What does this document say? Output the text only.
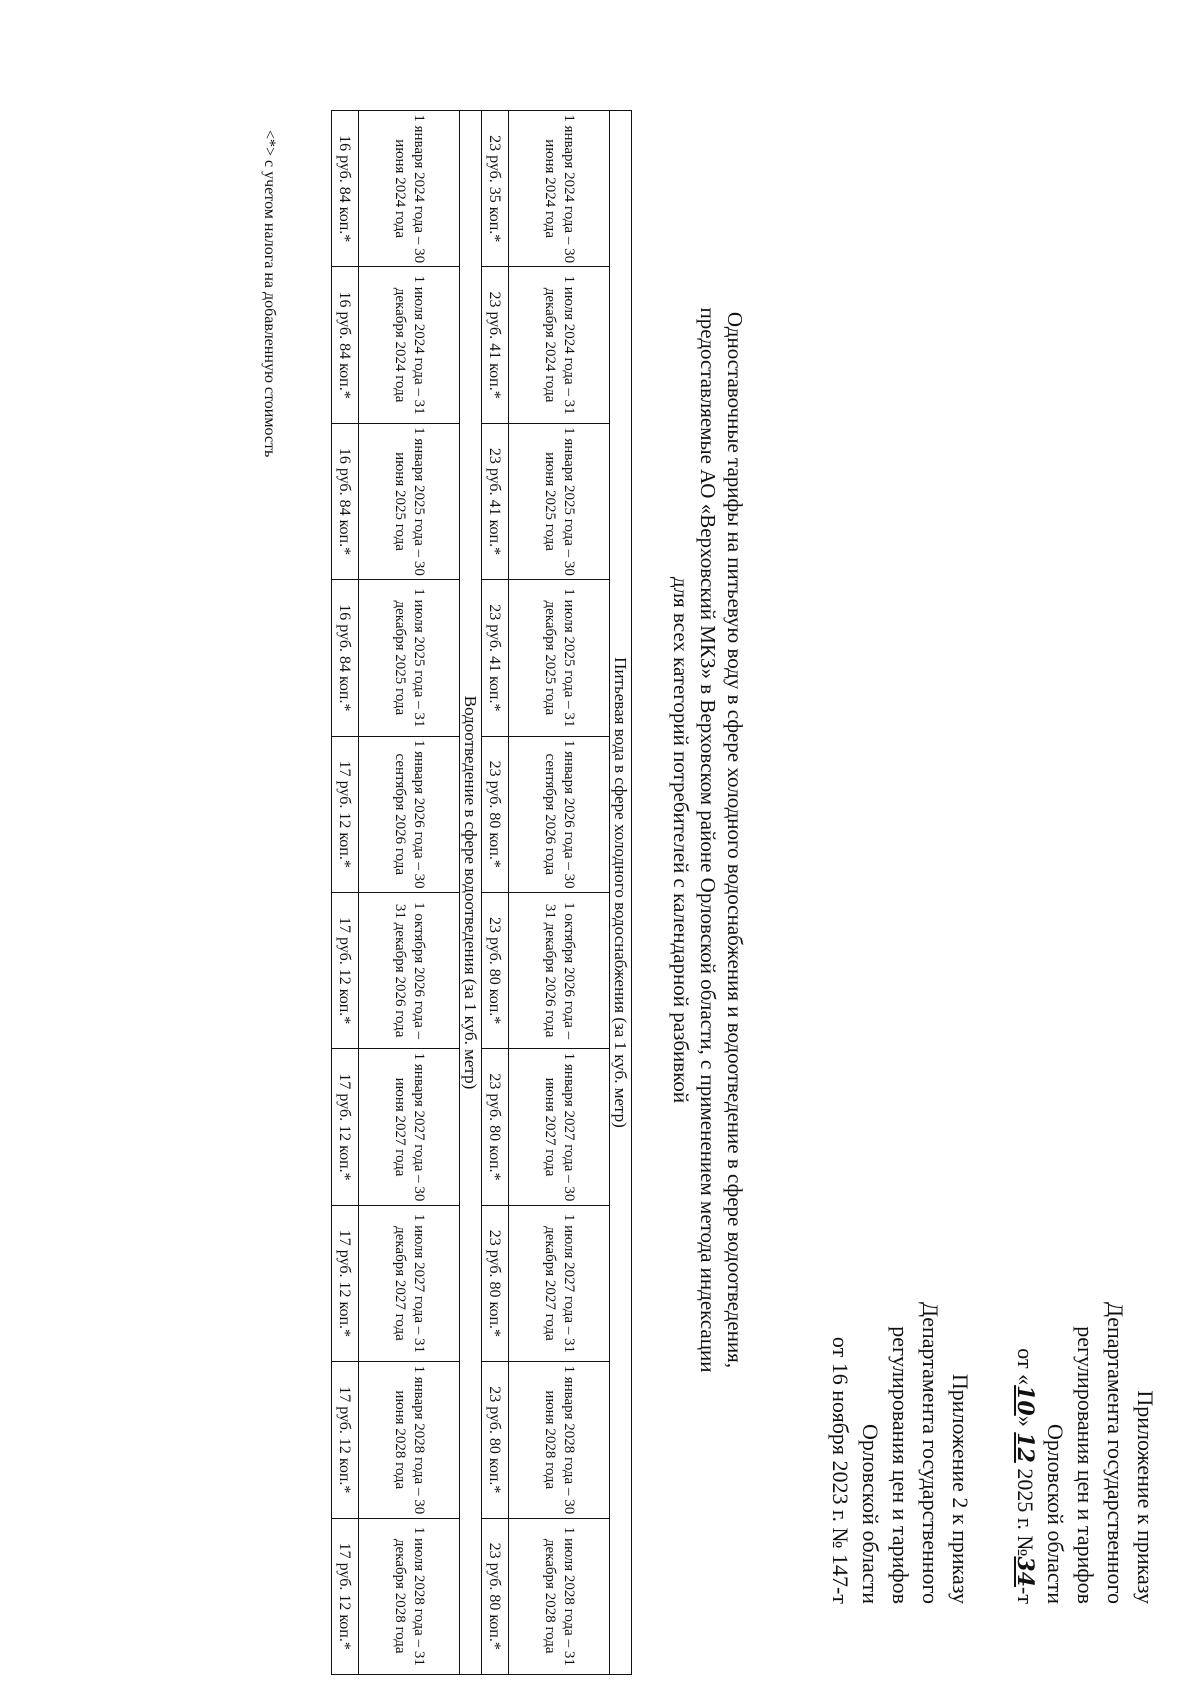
Приложение к приказу
Департамента государственного
регулирования цен и тарифов
Орловской области
от «10» 12 2025 г. №34-т
Приложение 2 к приказу
Департамента государственного
регулирования цен и тарифов
Орловской области
от 16 ноября 2023 г. № 147-т
Одноставочные тарифы на питьевую воду в сфере холодного водоснабжения и водоотведение в сфере водоотведения,
предоставляемые АО «Верховский МКЗ» в Верховском районе Орловской области, с применением метода индексации
для всех категорий потребителей с календарной разбивкой
Питьевая вода в сфере холодного водоснабжения (за 1 куб. метр)									
1 января 2024 года – 30 июня 2024 года	1 июля 2024 года – 31 декабря 2024 года	1 января 2025 года – 30 июня 2025 года	1 июля 2025 года – 31 декабря 2025 года	1 января 2026 года – 30 сентября 2026 года	1 октября 2026 года – 31 декабря 2026 года	1 января 2027 года – 30 июня 2027 года	1 июля 2027 года – 31 декабря 2027 года	1 января 2028 года – 30 июня 2028 года	1 июля 2028 года – 31 декабря 2028 года
23 руб. 35 коп.*	23 руб. 41 коп.*	23 руб. 41 коп.*	23 руб. 41 коп.*	23 руб. 80 коп.*	23 руб. 80 коп.*	23 руб. 80 коп.*	23 руб. 80 коп.*	23 руб. 80 коп.*	23 руб. 80 коп.*
Водоотведение в сфере водоотведения (за 1 куб. метр)									
1 января 2024 года – 30 июня 2024 года	1 июля 2024 года – 31 декабря 2024 года	1 января 2025 года – 30 июня 2025 года	1 июля 2025 года – 31 декабря 2025 года	1 января 2026 года – 30 сентября 2026 года	1 октября 2026 года – 31 декабря 2026 года	1 января 2027 года – 30 июня 2027 года	1 июля 2027 года – 31 декабря 2027 года	1 января 2028 года – 30 июня 2028 года	1 июля 2028 года – 31 декабря 2028 года
16 руб. 84 коп.*	16 руб. 84 коп.*	16 руб. 84 коп.*	16 руб. 84 коп.*	17 руб. 12 коп.*	17 руб. 12 коп.*	17 руб. 12 коп.*	17 руб. 12 коп.*	17 руб. 12 коп.*	17 руб. 12 коп.*
<*> с учетом налога на добавленную стоимость
